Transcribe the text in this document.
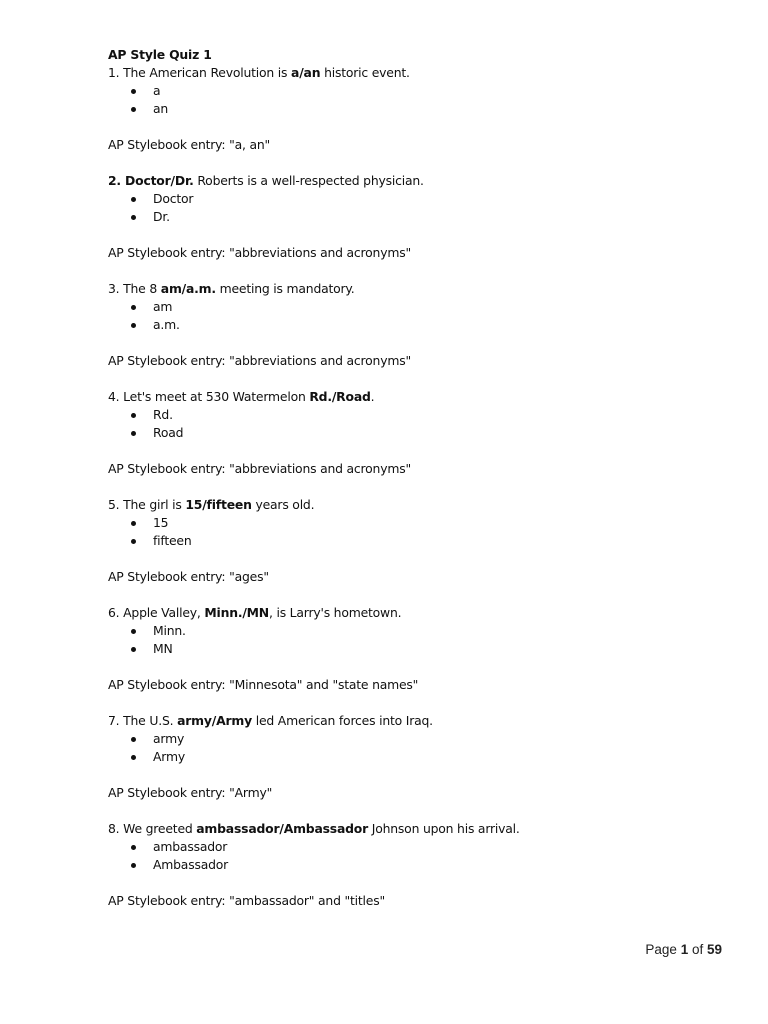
AP Style Quiz 1

1. The American Revolution is a/an historic event.

a
an

AP Stylebook entry: "a, an"

2. Doctor/Dr. Roberts is a well-respected physician.

Doctor
Dr.

AP Stylebook entry: "abbreviations and acronyms"

3. The 8 am/a.m. meeting is mandatory.

am
a.m.

AP Stylebook entry: "abbreviations and acronyms"

4. Let's meet at 530 Watermelon Rd./Road.

Rd.
Road

AP Stylebook entry: "abbreviations and acronyms"

5. The girl is 15/fifteen years old.

15
fifteen

AP Stylebook entry: "ages"

6. Apple Valley, Minn./MN, is Larry's hometown.

Minn.
MN

AP Stylebook entry: "Minnesota" and "state names"

7. The U.S. army/Army led American forces into Iraq.

army
Army

AP Stylebook entry: "Army"

8. We greeted ambassador/Ambassador Johnson upon his arrival.

ambassador
Ambassador

AP Stylebook entry: "ambassador" and "titles"

Page 1 of 59
